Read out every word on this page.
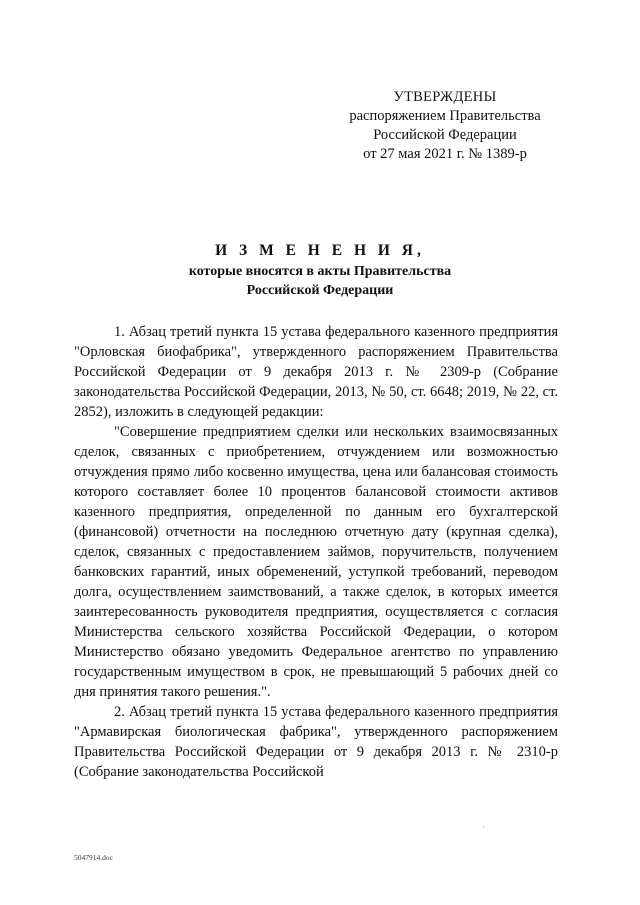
УТВЕРЖДЕНЫ
распоряжением Правительства
Российской Федерации
от 27 мая 2021 г. № 1389-р
И З М Е Н Е Н И Я,
которые вносятся в акты Правительства
Российской Федерации

1. Абзац третий пункта 15 устава федерального казенного предприятия "Орловская биофабрика", утвержденного распоряжением Правительства Российской Федерации от 9 декабря 2013 г. № 2309-р (Собрание законодательства Российской Федерации, 2013, № 50, ст. 6648; 2019, № 22, ст. 2852), изложить в следующей редакции:

"Совершение предприятием сделки или нескольких взаимосвязанных сделок, связанных с приобретением, отчуждением или возможностью отчуждения прямо либо косвенно имущества, цена или балансовая стоимость которого составляет более 10 процентов балансовой стоимости активов казенного предприятия, определенной по данным его бухгалтерской (финансовой) отчетности на последнюю отчетную дату (крупная сделка), сделок, связанных с предоставлением займов, поручительств, получением банковских гарантий, иных обременений, уступкой требований, переводом долга, осуществлением заимствований, а также сделок, в которых имеется заинтересованность руководителя предприятия, осуществляется с согласия Министерства сельского хозяйства Российской Федерации, о котором Министерство обязано уведомить Федеральное агентство по управлению государственным имуществом в срок, не превышающий 5 рабочих дней со дня принятия такого решения.".

2. Абзац третий пункта 15 устава федерального казенного предприятия "Армавирская биологическая фабрика", утвержденного распоряжением Правительства Российской Федерации от 9 декабря 2013 г. № 2310-р (Собрание законодательства Российской

5047914.doc
